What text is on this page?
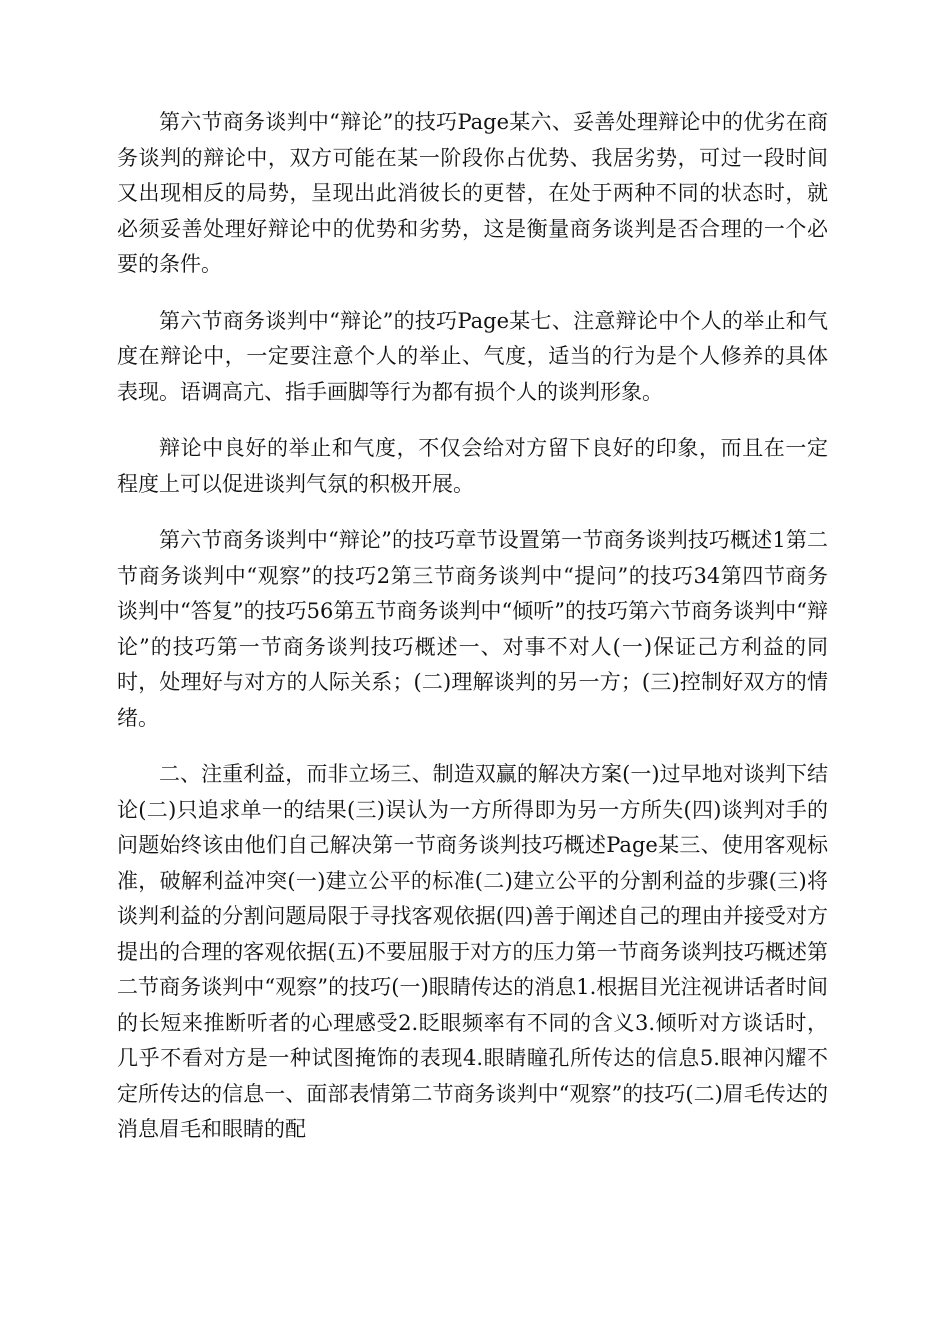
第六节商务谈判中“辩论”的技巧Page某六、妥善处理辩论中的优劣在商务谈判的辩论中，双方可能在某一阶段你占优势、我居劣势，可过一段时间又出现相反的局势，呈现出此消彼长的更替，在处于两种不同的状态时，就必须妥善处理好辩论中的优势和劣势，这是衡量商务谈判是否合理的一个必要的条件。

第六节商务谈判中“辩论”的技巧Page某七、注意辩论中个人的举止和气度在辩论中，一定要注意个人的举止、气度，适当的行为是个人修养的具体表现。语调高亢、指手画脚等行为都有损个人的谈判形象。

辩论中良好的举止和气度，不仅会给对方留下良好的印象，而且在一定程度上可以促进谈判气氛的积极开展。

第六节商务谈判中“辩论”的技巧章节设置第一节商务谈判技巧概述1第二节商务谈判中“观察”的技巧2第三节商务谈判中“提问”的技巧34第四节商务谈判中“答复”的技巧56第五节商务谈判中“倾听”的技巧第六节商务谈判中“辩论”的技巧第一节商务谈判技巧概述一、对事不对人(一)保证己方利益的同时，处理好与对方的人际关系；(二)理解谈判的另一方；(三)控制好双方的情绪。

二、注重利益，而非立场三、制造双赢的解决方案(一)过早地对谈判下结论(二)只追求单一的结果(三)误认为一方所得即为另一方所失(四)谈判对手的问题始终该由他们自己解决第一节商务谈判技巧概述Page某三、使用客观标准，破解利益冲突(一)建立公平的标准(二)建立公平的分割利益的步骤(三)将谈判利益的分割问题局限于寻找客观依据(四)善于阐述自己的理由并接受对方提出的合理的客观依据(五)不要屈服于对方的压力第一节商务谈判技巧概述第二节商务谈判中“观察”的技巧(一)眼睛传达的消息1.根据目光注视讲话者时间的长短来推断听者的心理感受2.眨眼频率有不同的含义3.倾听对方谈话时，几乎不看对方是一种试图掩饰的表现4.眼睛瞳孔所传达的信息5.眼神闪耀不定所传达的信息一、面部表情第二节商务谈判中“观察”的技巧(二)眉毛传达的消息眉毛和眼睛的配
